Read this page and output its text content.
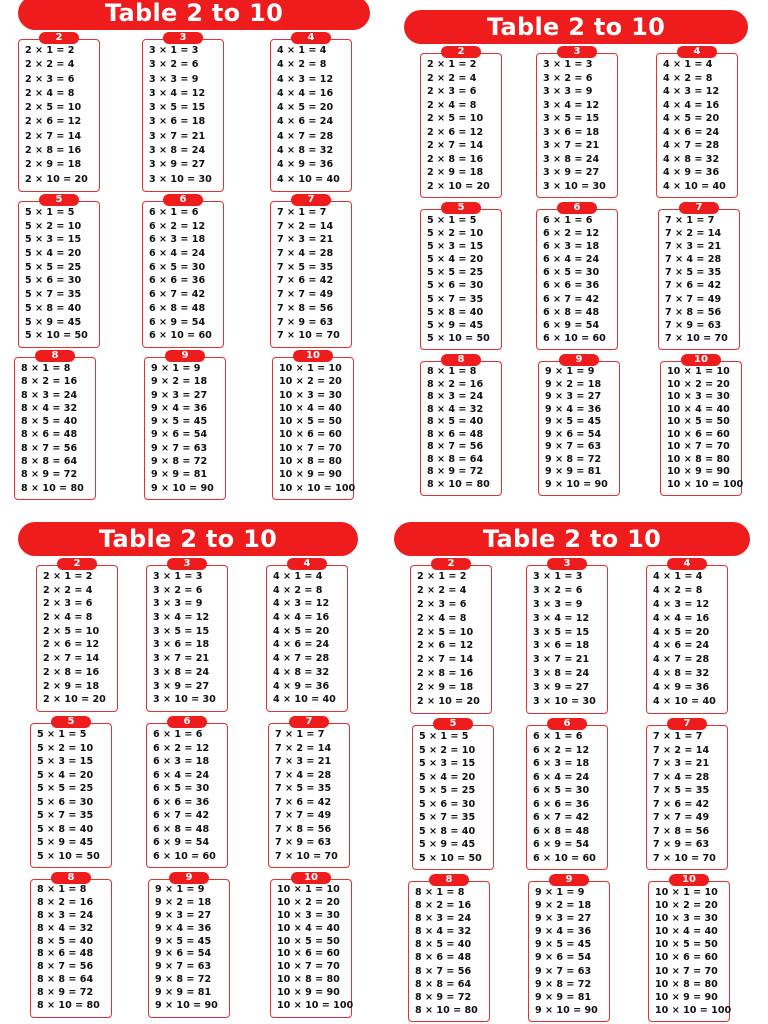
Table 2 to 10
2
2 × 1 = 2
2 × 2 = 4
2 × 3 = 6
2 × 4 = 8
2 × 5 = 10
2 × 6 = 12
2 × 7 = 14
2 × 8 = 16
2 × 9 = 18
2 × 10 = 20
3
3 × 1 = 3
3 × 2 = 6
3 × 3 = 9
3 × 4 = 12
3 × 5 = 15
3 × 6 = 18
3 × 7 = 21
3 × 8 = 24
3 × 9 = 27
3 × 10 = 30
4
4 × 1 = 4
4 × 2 = 8
4 × 3 = 12
4 × 4 = 16
4 × 5 = 20
4 × 6 = 24
4 × 7 = 28
4 × 8 = 32
4 × 9 = 36
4 × 10 = 40
5
5 × 1 = 5
5 × 2 = 10
5 × 3 = 15
5 × 4 = 20
5 × 5 = 25
5 × 6 = 30
5 × 7 = 35
5 × 8 = 40
5 × 9 = 45
5 × 10 = 50
6
6 × 1 = 6
6 × 2 = 12
6 × 3 = 18
6 × 4 = 24
6 × 5 = 30
6 × 6 = 36
6 × 7 = 42
6 × 8 = 48
6 × 9 = 54
6 × 10 = 60
7
7 × 1 = 7
7 × 2 = 14
7 × 3 = 21
7 × 4 = 28
7 × 5 = 35
7 × 6 = 42
7 × 7 = 49
7 × 8 = 56
7 × 9 = 63
7 × 10 = 70
8
8 × 1 = 8
8 × 2 = 16
8 × 3 = 24
8 × 4 = 32
8 × 5 = 40
8 × 6 = 48
8 × 7 = 56
8 × 8 = 64
8 × 9 = 72
8 × 10 = 80
9
9 × 1 = 9
9 × 2 = 18
9 × 3 = 27
9 × 4 = 36
9 × 5 = 45
9 × 6 = 54
9 × 7 = 63
9 × 8 = 72
9 × 9 = 81
9 × 10 = 90
10
10 × 1 = 10
10 × 2 = 20
10 × 3 = 30
10 × 4 = 40
10 × 5 = 50
10 × 6 = 60
10 × 7 = 70
10 × 8 = 80
10 × 9 = 90
10 × 10 = 100
Table 2 to 10
2
2 × 1 = 2
2 × 2 = 4
2 × 3 = 6
2 × 4 = 8
2 × 5 = 10
2 × 6 = 12
2 × 7 = 14
2 × 8 = 16
2 × 9 = 18
2 × 10 = 20
3
3 × 1 = 3
3 × 2 = 6
3 × 3 = 9
3 × 4 = 12
3 × 5 = 15
3 × 6 = 18
3 × 7 = 21
3 × 8 = 24
3 × 9 = 27
3 × 10 = 30
4
4 × 1 = 4
4 × 2 = 8
4 × 3 = 12
4 × 4 = 16
4 × 5 = 20
4 × 6 = 24
4 × 7 = 28
4 × 8 = 32
4 × 9 = 36
4 × 10 = 40
5
5 × 1 = 5
5 × 2 = 10
5 × 3 = 15
5 × 4 = 20
5 × 5 = 25
5 × 6 = 30
5 × 7 = 35
5 × 8 = 40
5 × 9 = 45
5 × 10 = 50
6
6 × 1 = 6
6 × 2 = 12
6 × 3 = 18
6 × 4 = 24
6 × 5 = 30
6 × 6 = 36
6 × 7 = 42
6 × 8 = 48
6 × 9 = 54
6 × 10 = 60
7
7 × 1 = 7
7 × 2 = 14
7 × 3 = 21
7 × 4 = 28
7 × 5 = 35
7 × 6 = 42
7 × 7 = 49
7 × 8 = 56
7 × 9 = 63
7 × 10 = 70
8
8 × 1 = 8
8 × 2 = 16
8 × 3 = 24
8 × 4 = 32
8 × 5 = 40
8 × 6 = 48
8 × 7 = 56
8 × 8 = 64
8 × 9 = 72
8 × 10 = 80
9
9 × 1 = 9
9 × 2 = 18
9 × 3 = 27
9 × 4 = 36
9 × 5 = 45
9 × 6 = 54
9 × 7 = 63
9 × 8 = 72
9 × 9 = 81
9 × 10 = 90
10
10 × 1 = 10
10 × 2 = 20
10 × 3 = 30
10 × 4 = 40
10 × 5 = 50
10 × 6 = 60
10 × 7 = 70
10 × 8 = 80
10 × 9 = 90
10 × 10 = 100
Table 2 to 10
2
2 × 1 = 2
2 × 2 = 4
2 × 3 = 6
2 × 4 = 8
2 × 5 = 10
2 × 6 = 12
2 × 7 = 14
2 × 8 = 16
2 × 9 = 18
2 × 10 = 20
3
3 × 1 = 3
3 × 2 = 6
3 × 3 = 9
3 × 4 = 12
3 × 5 = 15
3 × 6 = 18
3 × 7 = 21
3 × 8 = 24
3 × 9 = 27
3 × 10 = 30
4
4 × 1 = 4
4 × 2 = 8
4 × 3 = 12
4 × 4 = 16
4 × 5 = 20
4 × 6 = 24
4 × 7 = 28
4 × 8 = 32
4 × 9 = 36
4 × 10 = 40
5
5 × 1 = 5
5 × 2 = 10
5 × 3 = 15
5 × 4 = 20
5 × 5 = 25
5 × 6 = 30
5 × 7 = 35
5 × 8 = 40
5 × 9 = 45
5 × 10 = 50
6
6 × 1 = 6
6 × 2 = 12
6 × 3 = 18
6 × 4 = 24
6 × 5 = 30
6 × 6 = 36
6 × 7 = 42
6 × 8 = 48
6 × 9 = 54
6 × 10 = 60
7
7 × 1 = 7
7 × 2 = 14
7 × 3 = 21
7 × 4 = 28
7 × 5 = 35
7 × 6 = 42
7 × 7 = 49
7 × 8 = 56
7 × 9 = 63
7 × 10 = 70
8
8 × 1 = 8
8 × 2 = 16
8 × 3 = 24
8 × 4 = 32
8 × 5 = 40
8 × 6 = 48
8 × 7 = 56
8 × 8 = 64
8 × 9 = 72
8 × 10 = 80
9
9 × 1 = 9
9 × 2 = 18
9 × 3 = 27
9 × 4 = 36
9 × 5 = 45
9 × 6 = 54
9 × 7 = 63
9 × 8 = 72
9 × 9 = 81
9 × 10 = 90
10
10 × 1 = 10
10 × 2 = 20
10 × 3 = 30
10 × 4 = 40
10 × 5 = 50
10 × 6 = 60
10 × 7 = 70
10 × 8 = 80
10 × 9 = 90
10 × 10 = 100
Table 2 to 10
2
2 × 1 = 2
2 × 2 = 4
2 × 3 = 6
2 × 4 = 8
2 × 5 = 10
2 × 6 = 12
2 × 7 = 14
2 × 8 = 16
2 × 9 = 18
2 × 10 = 20
3
3 × 1 = 3
3 × 2 = 6
3 × 3 = 9
3 × 4 = 12
3 × 5 = 15
3 × 6 = 18
3 × 7 = 21
3 × 8 = 24
3 × 9 = 27
3 × 10 = 30
4
4 × 1 = 4
4 × 2 = 8
4 × 3 = 12
4 × 4 = 16
4 × 5 = 20
4 × 6 = 24
4 × 7 = 28
4 × 8 = 32
4 × 9 = 36
4 × 10 = 40
5
5 × 1 = 5
5 × 2 = 10
5 × 3 = 15
5 × 4 = 20
5 × 5 = 25
5 × 6 = 30
5 × 7 = 35
5 × 8 = 40
5 × 9 = 45
5 × 10 = 50
6
6 × 1 = 6
6 × 2 = 12
6 × 3 = 18
6 × 4 = 24
6 × 5 = 30
6 × 6 = 36
6 × 7 = 42
6 × 8 = 48
6 × 9 = 54
6 × 10 = 60
7
7 × 1 = 7
7 × 2 = 14
7 × 3 = 21
7 × 4 = 28
7 × 5 = 35
7 × 6 = 42
7 × 7 = 49
7 × 8 = 56
7 × 9 = 63
7 × 10 = 70
8
8 × 1 = 8
8 × 2 = 16
8 × 3 = 24
8 × 4 = 32
8 × 5 = 40
8 × 6 = 48
8 × 7 = 56
8 × 8 = 64
8 × 9 = 72
8 × 10 = 80
9
9 × 1 = 9
9 × 2 = 18
9 × 3 = 27
9 × 4 = 36
9 × 5 = 45
9 × 6 = 54
9 × 7 = 63
9 × 8 = 72
9 × 9 = 81
9 × 10 = 90
10
10 × 1 = 10
10 × 2 = 20
10 × 3 = 30
10 × 4 = 40
10 × 5 = 50
10 × 6 = 60
10 × 7 = 70
10 × 8 = 80
10 × 9 = 90
10 × 10 = 100
